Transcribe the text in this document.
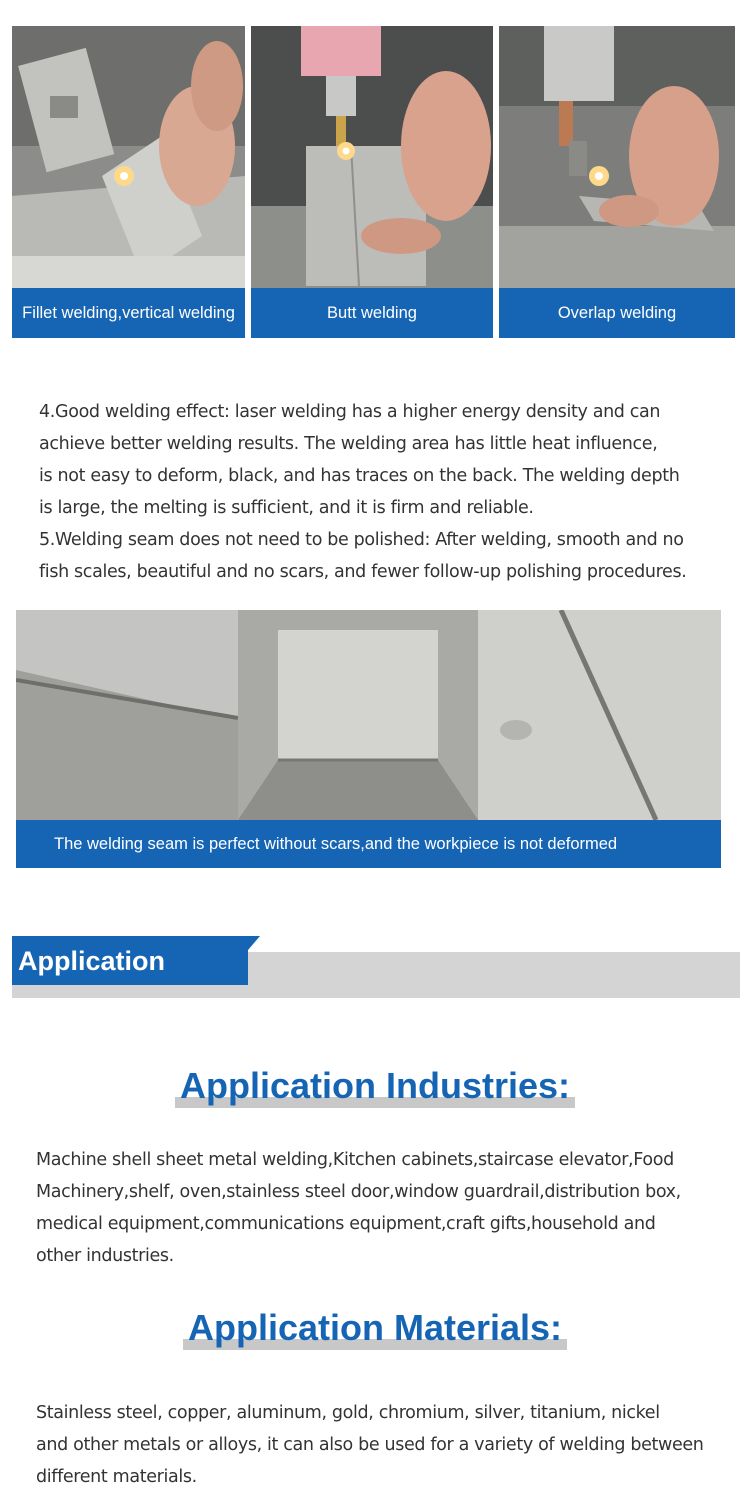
Fillet welding,vertical welding	Butt welding	Overlap welding

4.Good welding effect: laser welding has a higher energy density and can

achieve better welding results. The welding area has little heat influence,

is not easy to deform, black, and has traces on the back. The welding depth

is large, the melting is sufficient, and it is firm and reliable.

5.Welding seam does not need to be polished: After welding, smooth and no

fish scales, beautiful and no scars, and fewer follow-up polishing procedures.

The welding seam is perfect without scars,and the workpiece is not deformed
Application
Application Industries:

Machine shell sheet metal welding,Kitchen cabinets,staircase elevator,Food

Machinery,shelf, oven,stainless steel door,window guardrail,distribution box,

medical equipment,communications equipment,craft gifts,household and

other industries.

Application Materials:

Stainless steel, copper, aluminum, gold, chromium, silver, titanium, nickel

and other metals or alloys, it can also be used for a variety of welding between

different materials.
